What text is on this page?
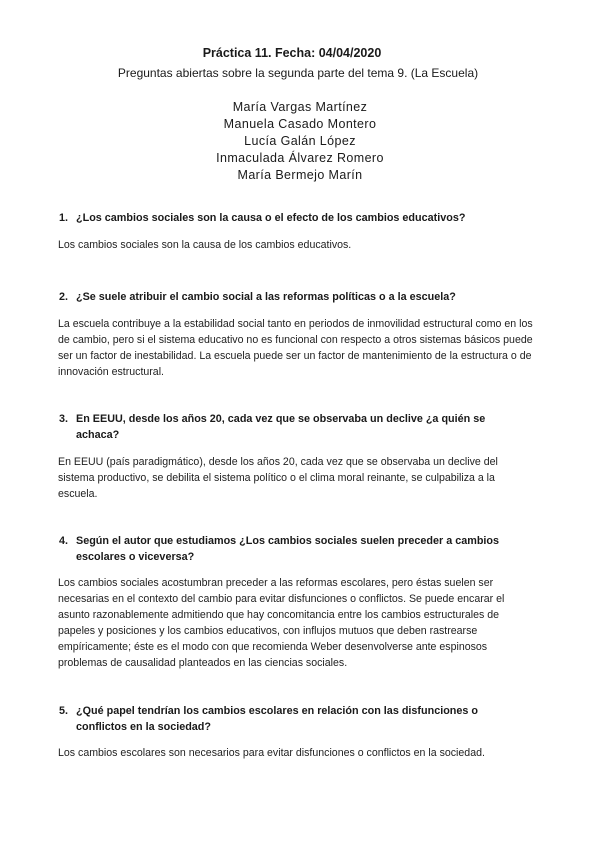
Práctica 11. Fecha: 04/04/2020
Preguntas abiertas sobre la segunda parte del tema 9. (La Escuela)
María Vargas Martínez
Manuela Casado Montero
Lucía Galán López
Inmaculada Álvarez Romero
María Bermejo Marín
1. ¿Los cambios sociales son la causa o el efecto de los cambios educativos?
Los cambios sociales son la causa de los cambios educativos.
2. ¿Se suele atribuir el cambio social a las reformas políticas o a la escuela?
La escuela contribuye a la estabilidad social tanto en periodos de inmovilidad estructural como en los
de cambio, pero si el sistema educativo no es funcional con respecto a otros sistemas básicos puede
ser un factor de inestabilidad. La escuela puede ser un factor de mantenimiento de la estructura o de
innovación estructural.
3. En EEUU, desde los años 20, cada vez que se observaba un declive ¿a quién se achaca?
En EEUU (país paradigmático), desde los años 20, cada vez que se observaba un declive del
sistema productivo, se debilita el sistema político o el clima moral reinante, se culpabiliza a la
escuela.
4. Según el autor que estudiamos ¿Los cambios sociales suelen preceder a cambios escolares o viceversa?
Los cambios sociales acostumbran preceder a las reformas escolares, pero éstas suelen ser
necesarias en el contexto del cambio para evitar disfunciones o conflictos. Se puede encarar el
asunto razonablemente admitiendo que hay concomitancia entre los cambios estructurales de
papeles y posiciones y los cambios educativos, con influjos mutuos que deben rastrearse
empíricamente; éste es el modo con que recomienda Weber desenvolverse ante espinosos
problemas de causalidad planteados en las ciencias sociales.
5. ¿Qué papel tendrían los cambios escolares en relación con las disfunciones o conflictos en la sociedad?
Los cambios escolares son necesarios para evitar disfunciones o conflictos en la sociedad.
